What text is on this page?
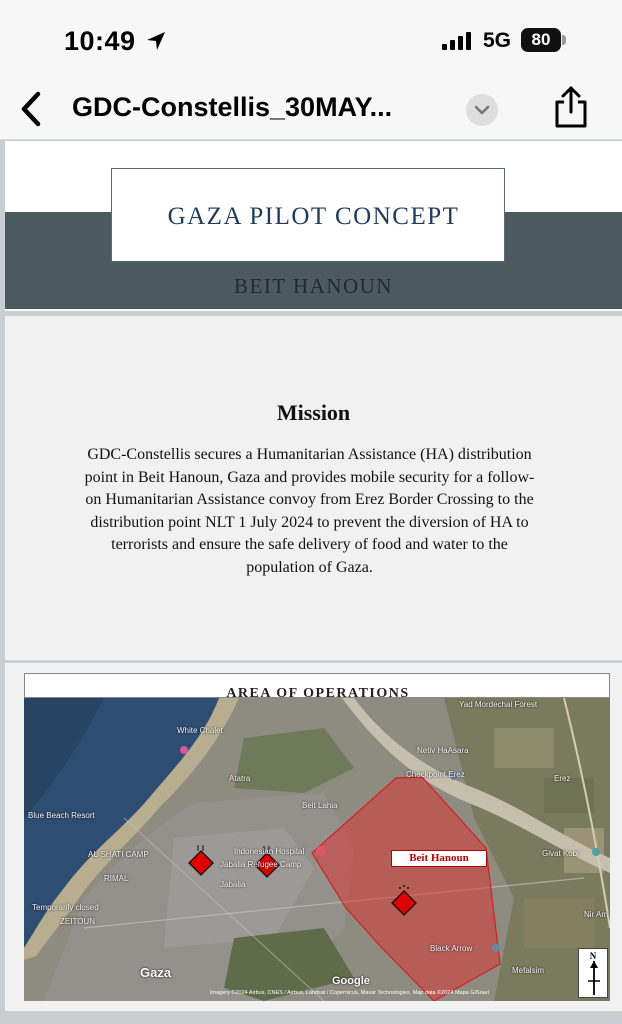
10:49	5G	80
GDC-Constellis_30MAY...
GAZA PILOT CONCEPT
BEIT HANOUN
Mission
GDC-Constellis secures a Humanitarian Assistance (HA) distribution point in Beit Hanoun, Gaza and provides mobile security for a follow-on Humanitarian Assistance convoy from Erez Border Crossing to the distribution point NLT 1 July 2024 to prevent the diversion of HA to terrorists and ensure the safe delivery of food and water to the population of Gaza.
AREA OF OPERATIONS
White Chalet
Blue Beach Resort
AL-SHATI CAMP
RIMAL
ZEITOUN
Temporarily closed
Atatra
Beit Lahia
Indonesian Hospital
Jabalia Refugee Camp
Jabalia
Netiv HaAsara
Checkpoint Erez
Yad Mordechai Forest
Erez
Givat Kobi
Black Arrow
Mefalsim
Nir Am
Gaza
Google
Imagery ©2024 Airbus, CNES / Airbus, Landsat / Copernicus, Maxar Technologies, Map data ©2024 Mapa GISrael
Beit Hanoun
N
